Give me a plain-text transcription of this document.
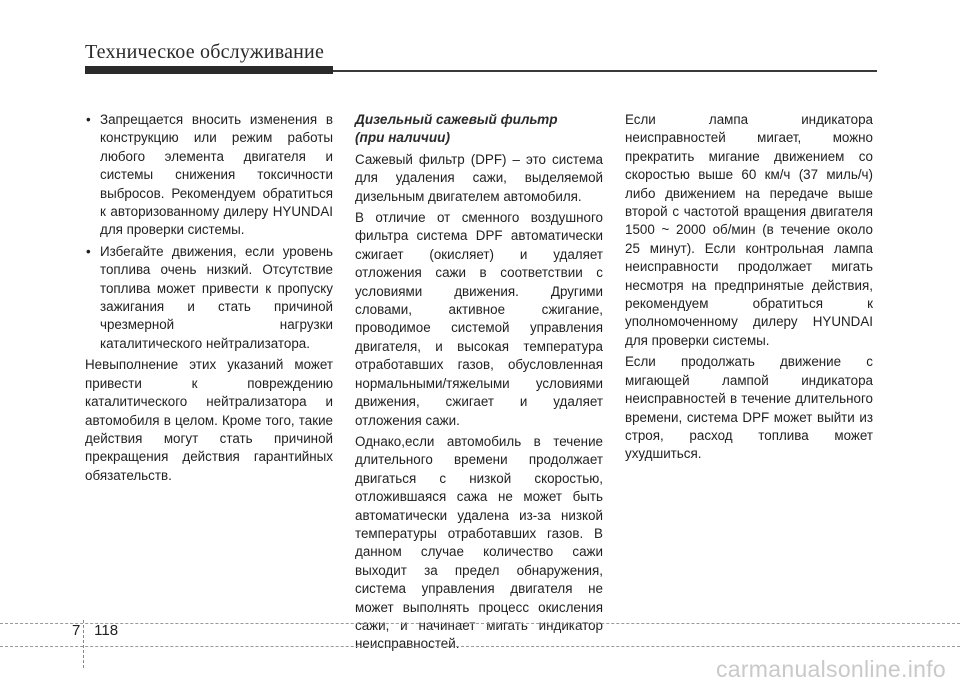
Техническое обслуживание
• Запрещается вносить изменения в конструкцию или режим работы любого элемента двигателя и системы снижения токсичности выбросов. Рекомендуем обратиться к авторизованному дилеру HYUNDAI для проверки системы.
• Избегайте движения, если уровень топлива очень низкий. Отсутствие топлива может привести к пропуску зажигания и стать причиной чрезмерной нагрузки каталитического нейтрализатора.

Невыполнение этих указаний может привести к повреждению каталитического нейтрализатора и автомобиля в целом. Кроме того, такие действия могут стать причиной прекращения действия гарантийных обязательств.

Дизельный сажевый фильтр
(при наличии)

Сажевый фильтр (DPF) – это система для удаления сажи, выделяемой дизельным двигателем автомобиля.

В отличие от сменного воздушного фильтра система DPF автоматически сжигает (окисляет) и удаляет отложения сажи в соответствии с условиями движения. Другими словами, активное сжигание, проводимое системой управления двигателя, и высокая температура отработавших газов, обусловленная нормальными/тяжелыми условиями движения, сжигает и удаляет отложения сажи.

Однако,если автомобиль в течение длительного времени продолжает двигаться с низкой скоростью, отложившаяся сажа не может быть автоматически удалена из-за низкой температуры отработавших газов. В данном случае количество сажи выходит за предел обнаружения, система управления двигателя не может выполнять процесс окисления сажи, и начинает мигать индикатор неисправностей.

Если лампа индикатора неисправностей мигает, можно прекратить мигание движением со скоростью выше 60 км/ч (37 миль/ч) либо движением на передаче выше второй с частотой вращения двигателя 1500 ~ 2000 об/мин (в течение около 25 минут). Если контрольная лампа неисправности продолжает мигать несмотря на предпринятые действия, рекомендуем обратиться к уполномоченному дилеру HYUNDAI для проверки системы.

Если продолжать движение с мигающей лампой индикатора неисправностей в течение длительного времени, система DPF может выйти из строя, расход топлива может ухудшиться.

7 118
carmanualsonline.info
